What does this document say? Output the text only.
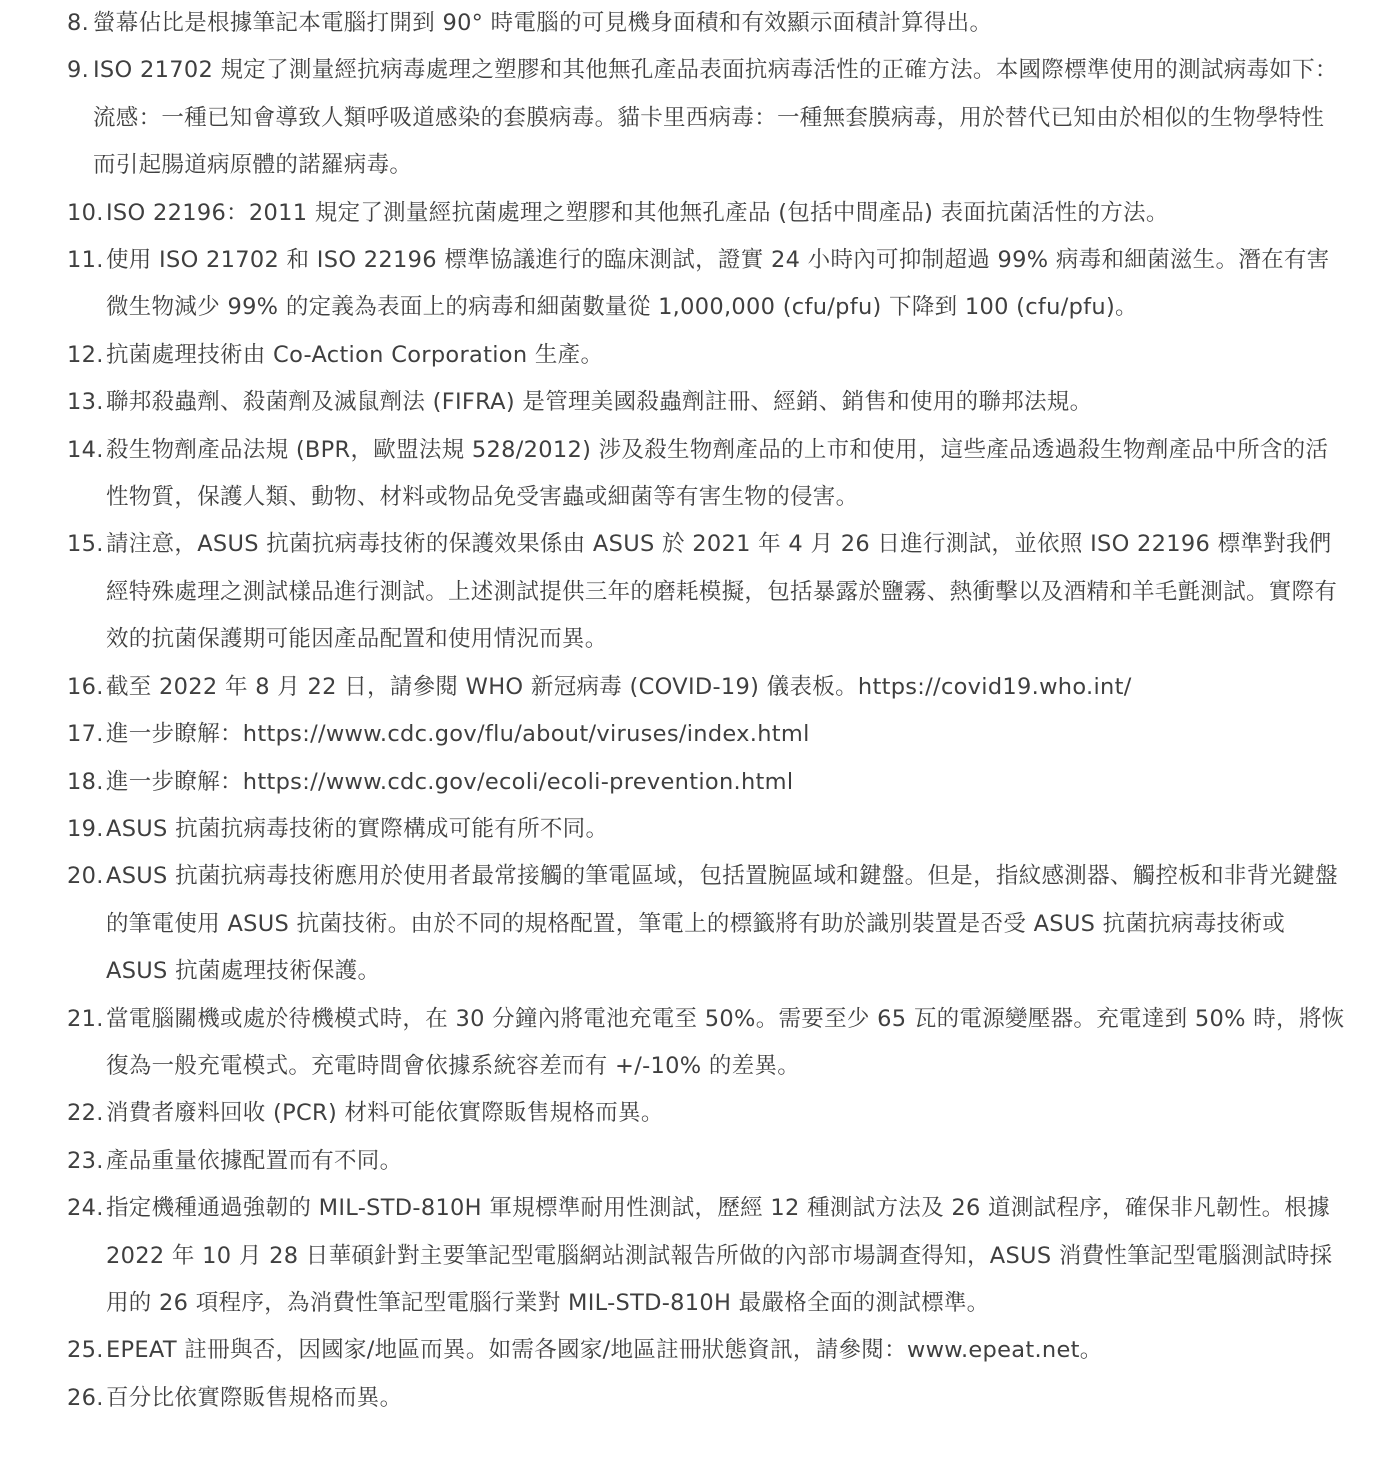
8. 螢幕佔比是根據筆記本電腦打開到 90° 時電腦的可見機身面積和有效顯示面積計算得出。
9. ISO 21702 規定了測量經抗病毒處理之塑膠和其他無孔產品表面抗病毒活性的正確方法。本國際標準使用的測試病毒如下：流感：一種已知會導致人類呼吸道感染的套膜病毒。貓卡里西病毒：一種無套膜病毒，用於替代已知由於相似的生物學特性而引起腸道病原體的諾羅病毒。
10. ISO 22196：2011 規定了測量經抗菌處理之塑膠和其他無孔產品 (包括中間產品) 表面抗菌活性的方法。
11. 使用 ISO 21702 和 ISO 22196 標準協議進行的臨床測試，證實 24 小時內可抑制超過 99% 病毒和細菌滋生。潛在有害微生物減少 99% 的定義為表面上的病毒和細菌數量從 1,000,000 (cfu/pfu) 下降到 100 (cfu/pfu)。
12. 抗菌處理技術由 Co-Action Corporation 生產。
13. 聯邦殺蟲劑、殺菌劑及滅鼠劑法 (FIFRA) 是管理美國殺蟲劑註冊、經銷、銷售和使用的聯邦法規。
14. 殺生物劑產品法規 (BPR，歐盟法規 528/2012) 涉及殺生物劑產品的上市和使用，這些產品透過殺生物劑產品中所含的活性物質，保護人類、動物、材料或物品免受害蟲或細菌等有害生物的侵害。
15. 請注意，ASUS 抗菌抗病毒技術的保護效果係由 ASUS 於 2021 年 4 月 26 日進行測試，並依照 ISO 22196 標準對我們經特殊處理之測試樣品進行測試。上述測試提供三年的磨耗模擬，包括暴露於鹽霧、熱衝擊以及酒精和羊毛氈測試。實際有效的抗菌保護期可能因產品配置和使用情況而異。
16. 截至 2022 年 8 月 22 日，請參閱 WHO 新冠病毒 (COVID-19) 儀表板。https://covid19.who.int/
17. 進一步瞭解：https://www.cdc.gov/flu/about/viruses/index.html
18. 進一步瞭解：https://www.cdc.gov/ecoli/ecoli-prevention.html
19. ASUS 抗菌抗病毒技術的實際構成可能有所不同。
20. ASUS 抗菌抗病毒技術應用於使用者最常接觸的筆電區域，包括置腕區域和鍵盤。但是，指紋感測器、觸控板和非背光鍵盤的筆電使用 ASUS 抗菌技術。由於不同的規格配置，筆電上的標籤將有助於識別裝置是否受 ASUS 抗菌抗病毒技術或 ASUS 抗菌處理技術保護。
21. 當電腦關機或處於待機模式時，在 30 分鐘內將電池充電至 50%。需要至少 65 瓦的電源變壓器。充電達到 50% 時，將恢復為一般充電模式。充電時間會依據系統容差而有 +/-10% 的差異。
22. 消費者廢料回收 (PCR) 材料可能依實際販售規格而異。
23. 產品重量依據配置而有不同。
24. 指定機種通過強韌的 MIL-STD-810H 軍規標準耐用性測試，歷經 12 種測試方法及 26 道測試程序，確保非凡韌性。根據 2022 年 10 月 28 日華碩針對主要筆記型電腦網站測試報告所做的內部市場調查得知，ASUS 消費性筆記型電腦測試時採用的 26 項程序，為消費性筆記型電腦行業對 MIL-STD-810H 最嚴格全面的測試標準。
25. EPEAT 註冊與否，因國家/地區而異。如需各國家/地區註冊狀態資訊，請參閱：www.epeat.net。
26. 百分比依實際販售規格而異。
